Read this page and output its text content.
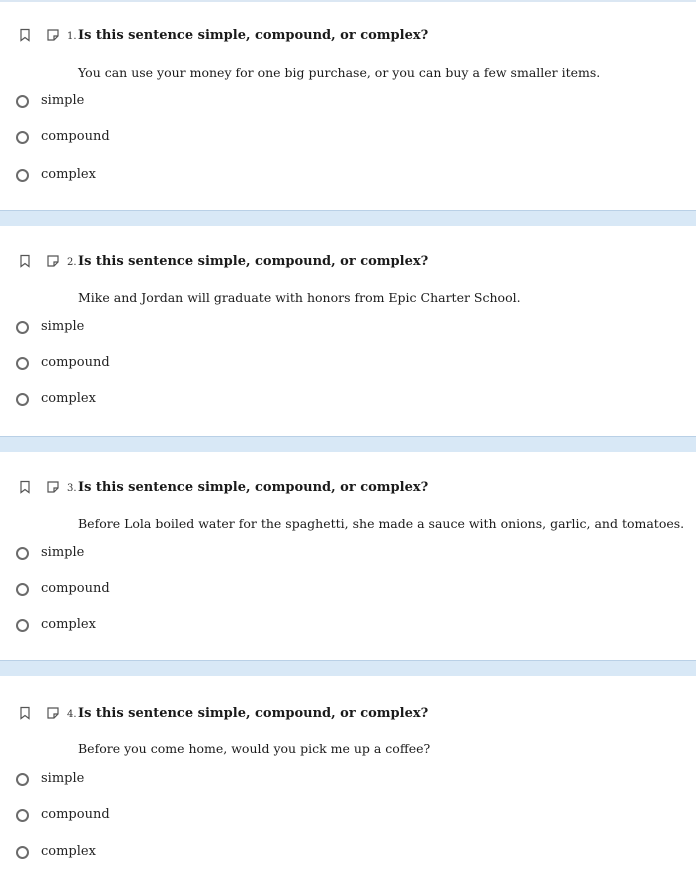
1. Is this sentence simple, compound, or complex?
You can use your money for one big purchase, or you can buy a few smaller items.
simple
compound
complex
2. Is this sentence simple, compound, or complex?
Mike and Jordan will graduate with honors from Epic Charter School.
simple
compound
complex
3. Is this sentence simple, compound, or complex?
Before Lola boiled water for the spaghetti, she made a sauce with onions, garlic, and tomatoes.
simple
compound
complex
4. Is this sentence simple, compound, or complex?
Before you come home, would you pick me up a coffee?
simple
compound
complex
